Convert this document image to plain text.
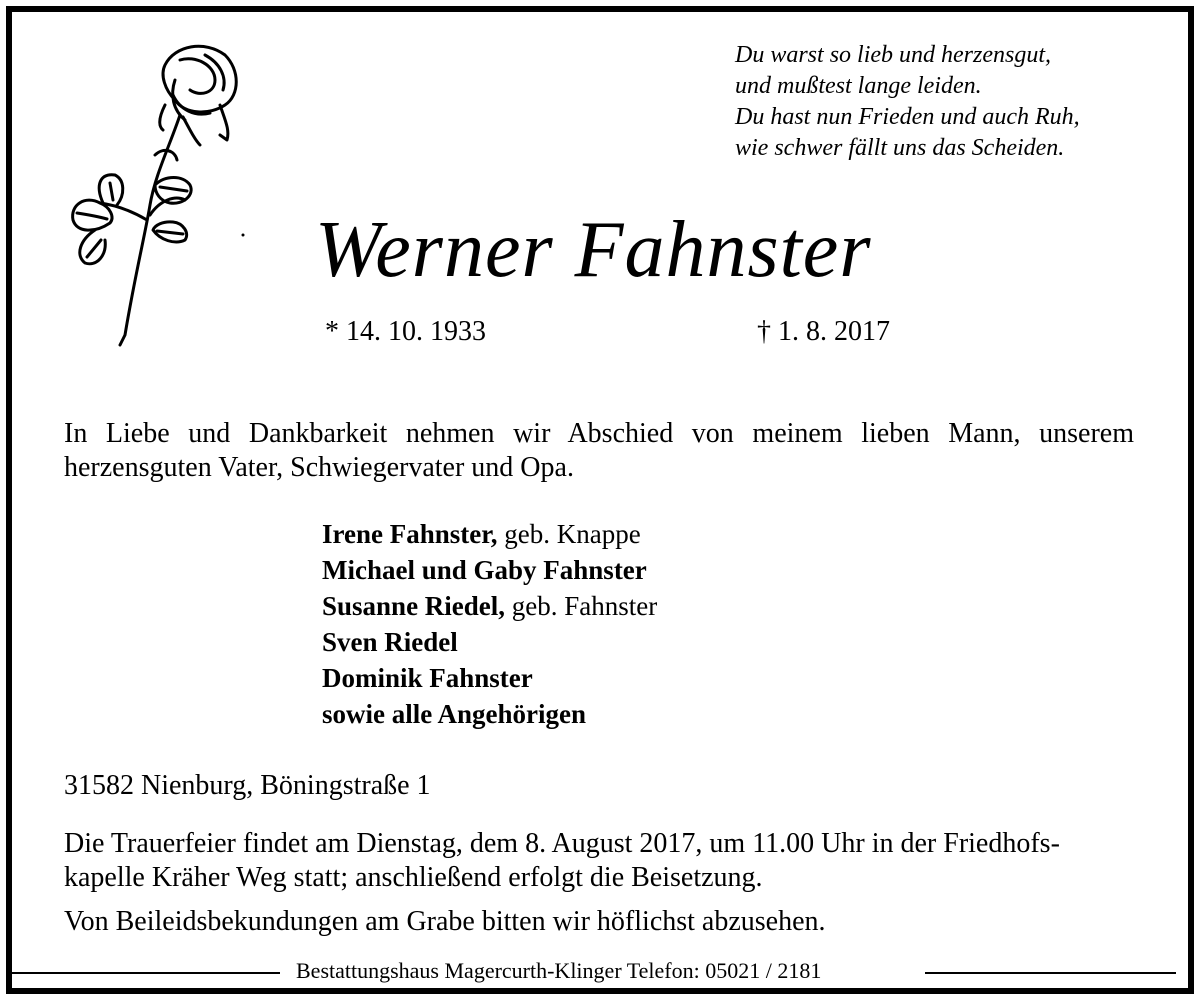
Du warst so lieb und herzensgut,
und mußtest lange leiden.
Du hast nun Frieden und auch Ruh,
wie schwer fällt uns das Scheiden.
Werner Fahnster
* 14. 10. 1933	† 1. 8. 2017
In Liebe und Dankbarkeit nehmen wir Abschied von meinem lieben Mann, unserem
herzensguten Vater, Schwiegervater und Opa.
Irene Fahnster, geb. Knappe
Michael und Gaby Fahnster
Susanne Riedel, geb. Fahnster
Sven Riedel
Dominik Fahnster
sowie alle Angehörigen
31582 Nienburg, Böningstraße 1
Die Trauerfeier findet am Dienstag, dem 8. August 2017, um 11.00 Uhr in der Friedhofs-
kapelle Kräher Weg statt; anschließend erfolgt die Beisetzung.
Von Beileidsbekundungen am Grabe bitten wir höflichst abzusehen.
Bestattungshaus Magercurth-Klinger Telefon: 05021 / 2181
